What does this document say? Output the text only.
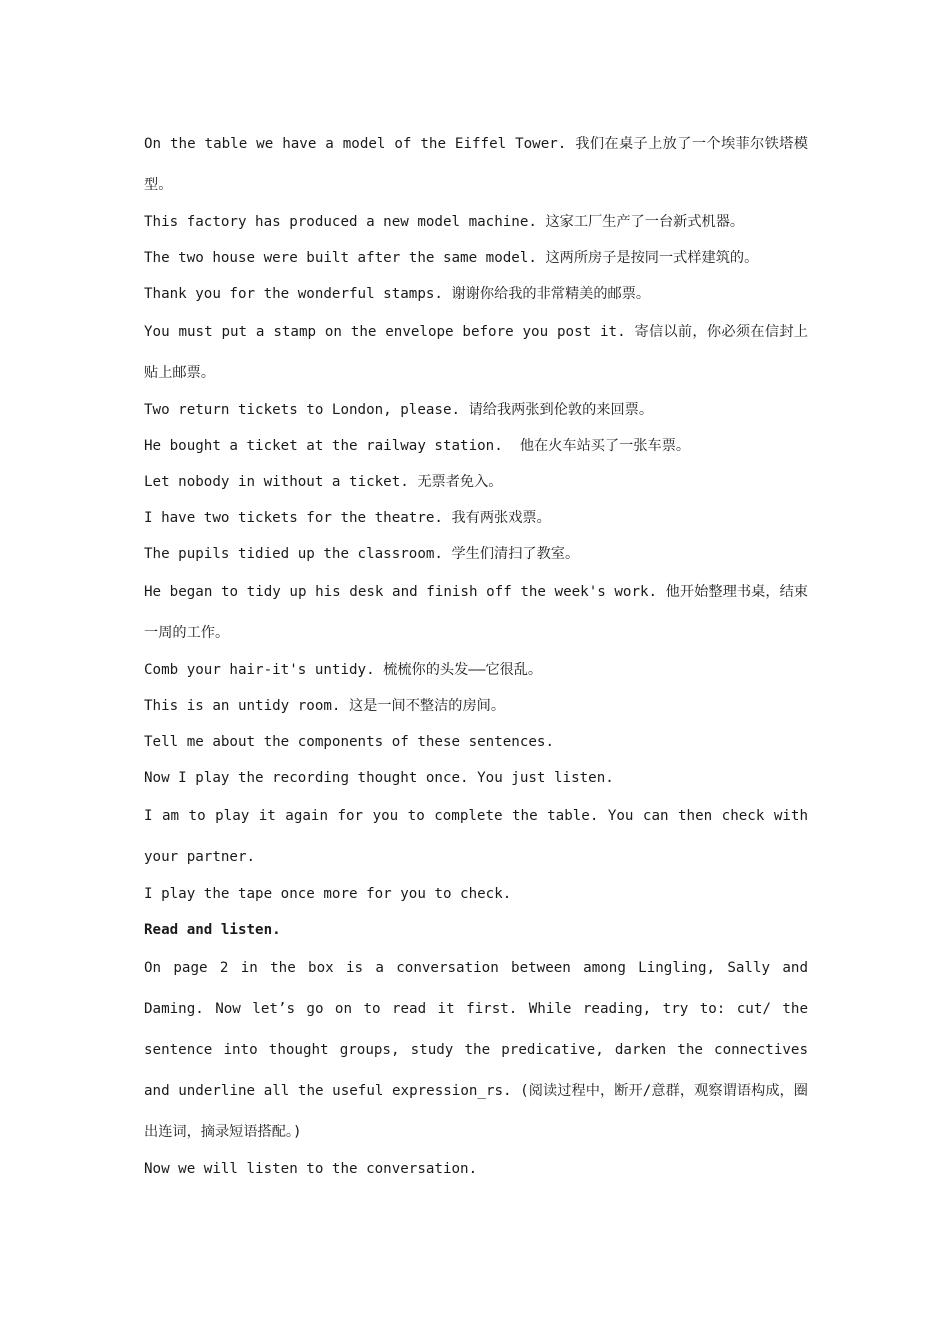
On the table we have a model of the Eiffel Tower. 我们在桌子上放了一个埃菲尔铁塔模型。

This factory has produced a new model machine. 这家工厂生产了一台新式机器。

The two house were built after the same model. 这两所房子是按同一式样建筑的。

Thank you for the wonderful stamps. 谢谢你给我的非常精美的邮票。

You must put a stamp on the envelope before you post it. 寄信以前，你必须在信封上贴上邮票。

Two return tickets to London, please. 请给我两张到伦敦的来回票。

He bought a ticket at the railway station.  他在火车站买了一张车票。

Let nobody in without a ticket. 无票者免入。

I have two tickets for the theatre. 我有两张戏票。

The pupils tidied up the classroom. 学生们清扫了教室。

He began to tidy up his desk and finish off the week's work. 他开始整理书桌，结束一周的工作。

Comb your hair-it's untidy. 梳梳你的头发——它很乱。

This is an untidy room. 这是一间不整洁的房间。

Tell me about the components of these sentences.

Now I play the recording thought once. You just listen.

I am to play it again for you to complete the table. You can then check with your partner.

I play the tape once more for you to check.

Read and listen.

On page 2 in the box is a conversation between among Lingling, Sally and Daming. Now let’s go on to read it first. While reading, try to: cut/ the sentence into thought groups, study the predicative, darken the connectives and underline all the useful expression_rs. (阅读过程中，断开/意群，观察谓语构成，圈出连词，摘录短语搭配。)

Now we will listen to the conversation.
